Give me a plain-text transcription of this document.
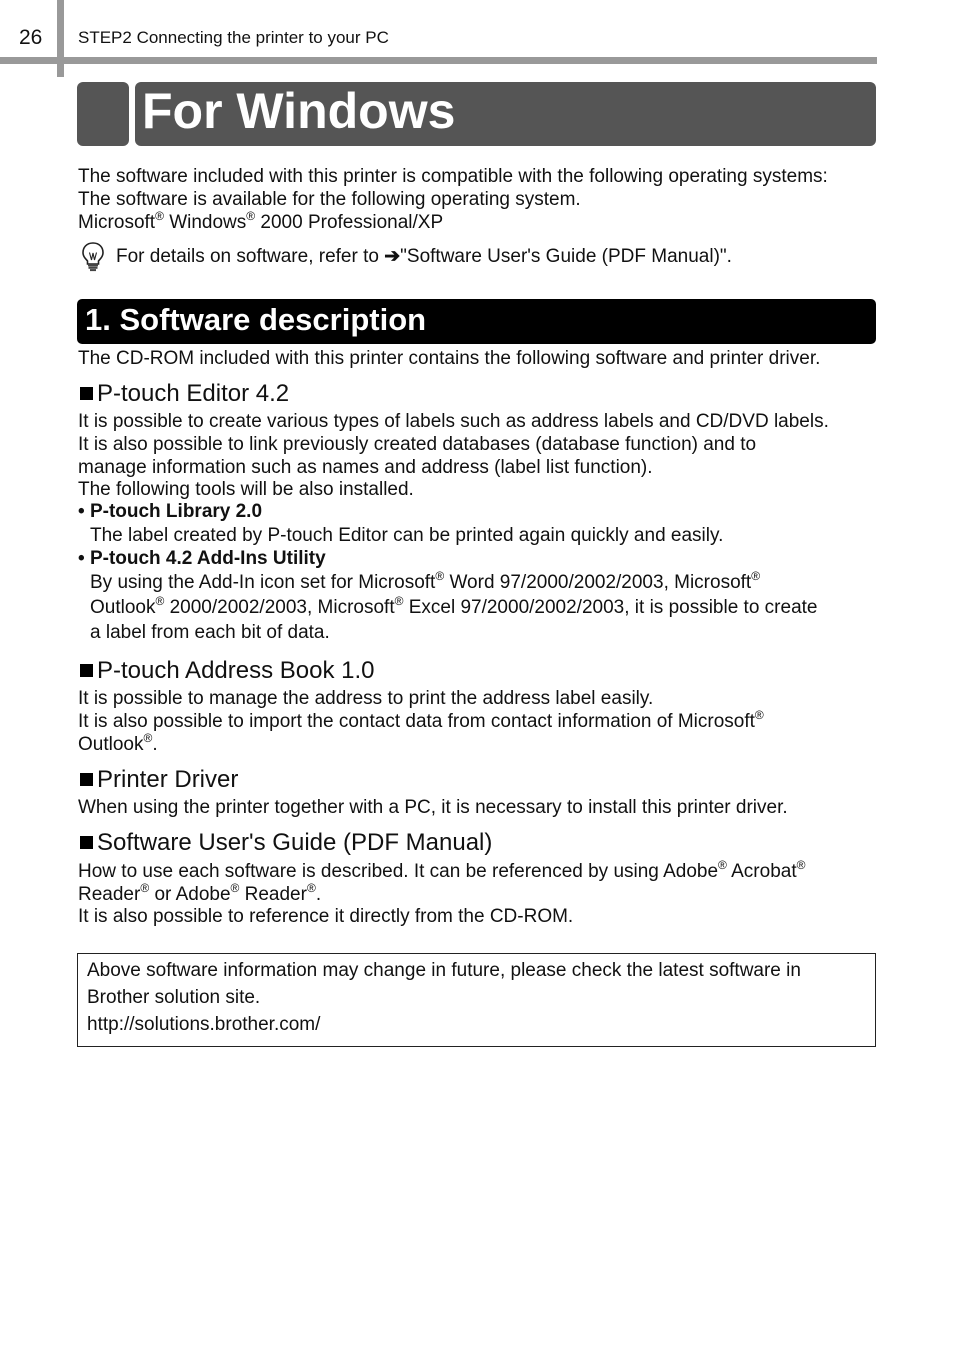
26 STEP2 Connecting the printer to your PC
For Windows
The software included with this printer is compatible with the following operating systems:
The software is available for the following operating system.
Microsoft® Windows® 2000 Professional/XP
For details on software, refer to ➔"Software User's Guide (PDF Manual)".
1. Software description
The CD-ROM included with this printer contains the following software and printer driver.
P-touch Editor 4.2
It is possible to create various types of labels such as address labels and CD/DVD labels.
It is also possible to link previously created databases (database function) and to
manage information such as names and address (label list function).
The following tools will be also installed.
• P-touch Library 2.0
The label created by P-touch Editor can be printed again quickly and easily.
• P-touch 4.2 Add-Ins Utility
By using the Add-In icon set for Microsoft® Word 97/2000/2002/2003, Microsoft®
Outlook® 2000/2002/2003, Microsoft® Excel 97/2000/2002/2003, it is possible to create
a label from each bit of data.
P-touch Address Book 1.0
It is possible to manage the address to print the address label easily.
It is also possible to import the contact data from contact information of Microsoft®
Outlook®.
Printer Driver
When using the printer together with a PC, it is necessary to install this printer driver.
Software User's Guide (PDF Manual)
How to use each software is described. It can be referenced by using Adobe® Acrobat®
Reader® or Adobe® Reader®.
It is also possible to reference it directly from the CD-ROM.
Above software information may change in future, please check the latest software in
Brother solution site.
http://solutions.brother.com/
